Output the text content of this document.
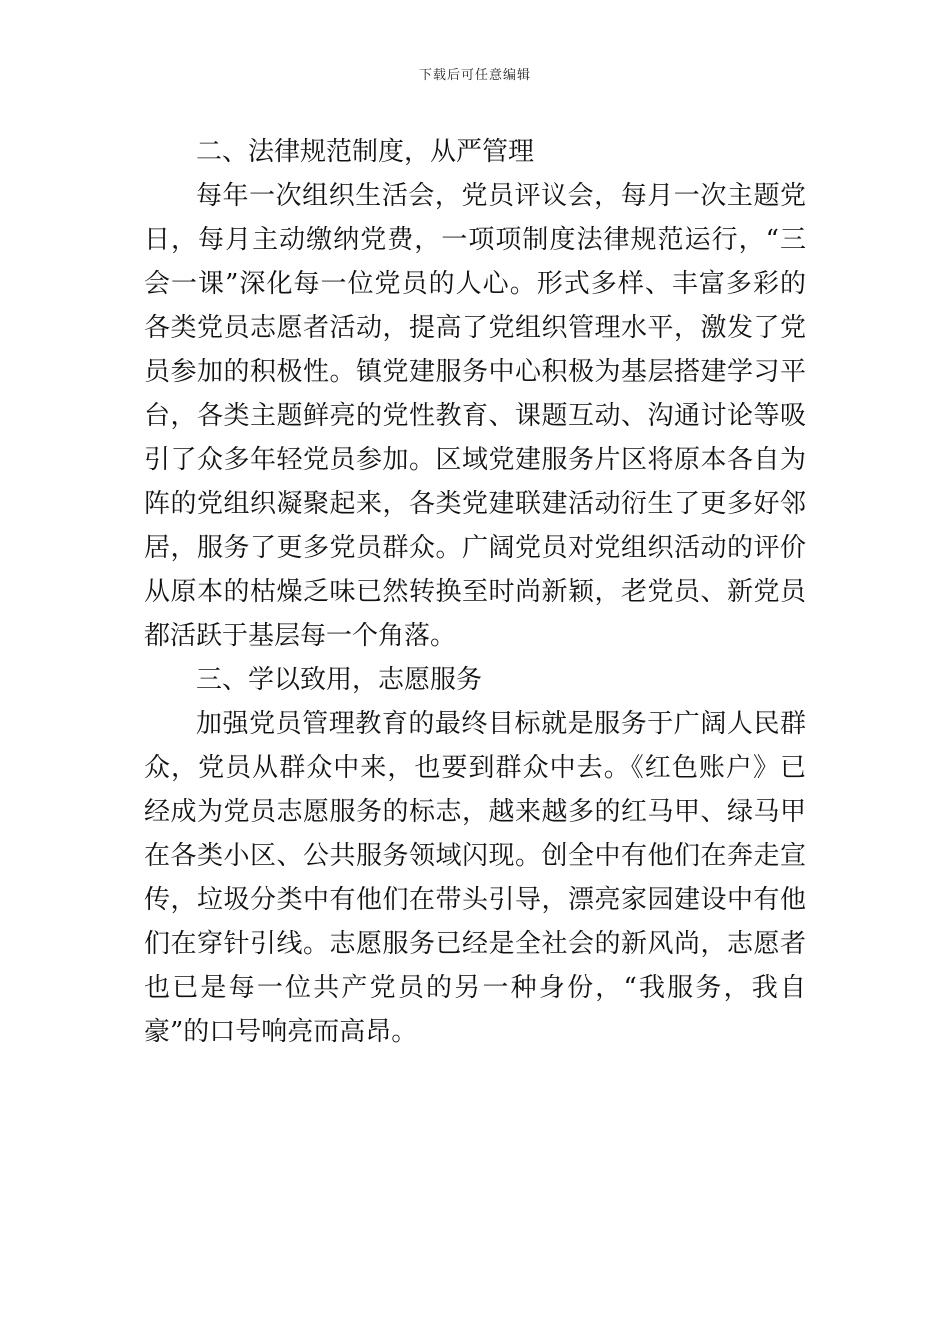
下载后可任意编辑
二、法律规范制度，从严管理
每年一次组织生活会，党员评议会，每月一次主题党
日，每月主动缴纳党费，一项项制度法律规范运行，“三
会一课”深化每一位党员的人心。形式多样、丰富多彩的
各类党员志愿者活动，提高了党组织管理水平，激发了党
员参加的积极性。镇党建服务中心积极为基层搭建学习平
台，各类主题鲜亮的党性教育、课题互动、沟通讨论等吸
引了众多年轻党员参加。区域党建服务片区将原本各自为
阵的党组织凝聚起来，各类党建联建活动衍生了更多好邻
居，服务了更多党员群众。广阔党员对党组织活动的评价
从原本的枯燥乏味已然转换至时尚新颖，老党员、新党员
都活跃于基层每一个角落。
三、学以致用，志愿服务
加强党员管理教育的最终目标就是服务于广阔人民群
众，党员从群众中来，也要到群众中去。《红色账户》已
经成为党员志愿服务的标志，越来越多的红马甲、绿马甲
在各类小区、公共服务领域闪现。创全中有他们在奔走宣
传，垃圾分类中有他们在带头引导，漂亮家园建设中有他
们在穿针引线。志愿服务已经是全社会的新风尚，志愿者
也已是每一位共产党员的另一种身份，“我服务，我自
豪”的口号响亮而高昂。
